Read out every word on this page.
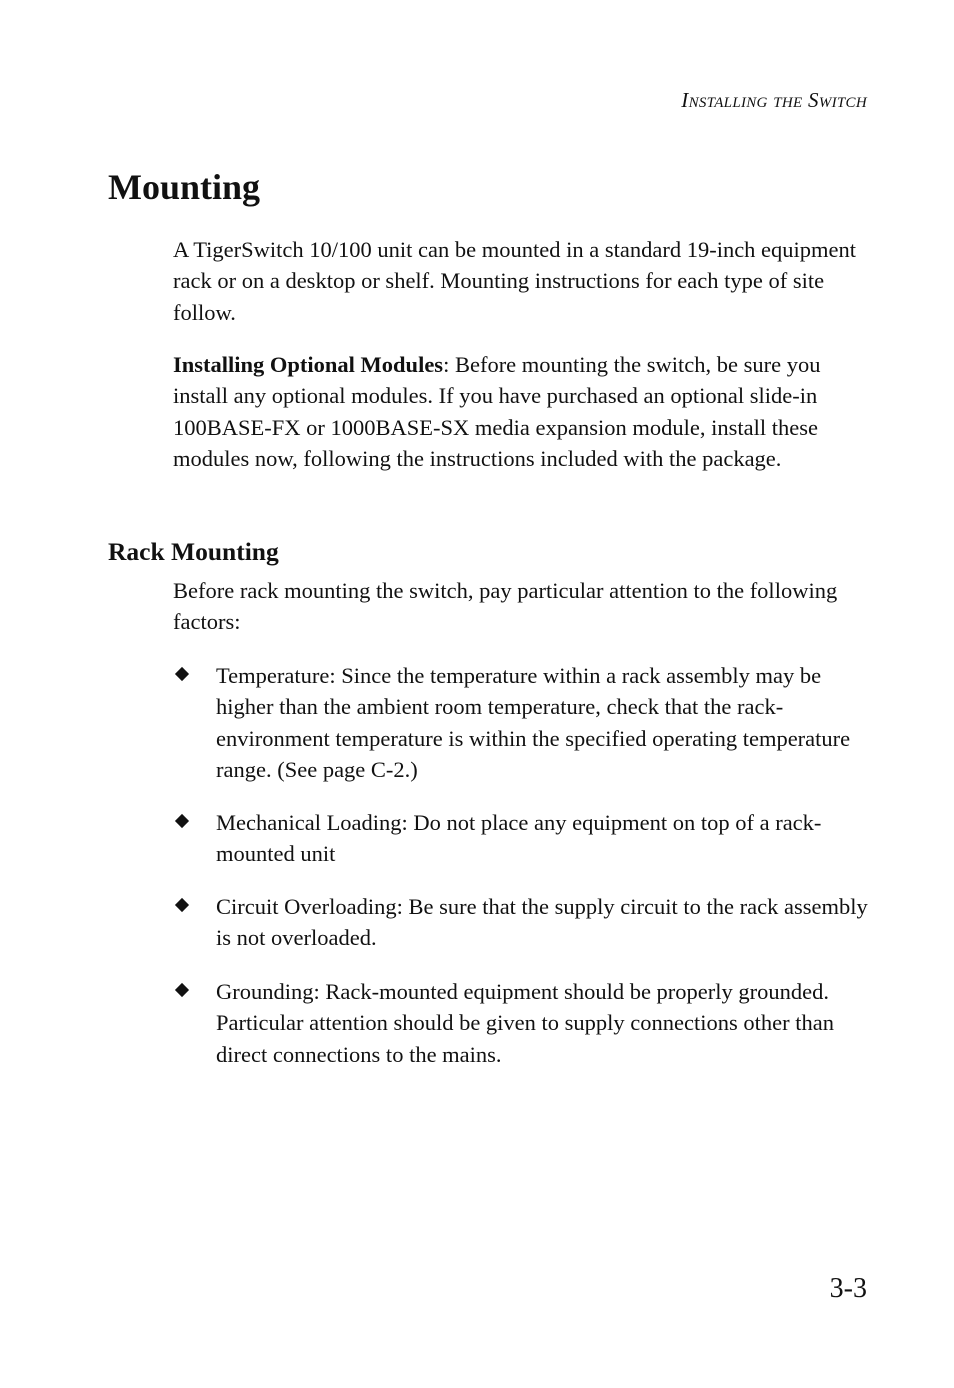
Installing the Switch
Mounting

A TigerSwitch 10/100 unit can be mounted in a standard 19-inch equipment rack or on a desktop or shelf. Mounting instructions for each type of site follow.

Installing Optional Modules: Before mounting the switch, be sure you install any optional modules. If you have purchased an optional slide-in 100BASE-FX or 1000BASE-SX media expansion module, install these modules now, following the instructions included with the package.

Rack Mounting

Before rack mounting the switch, pay particular attention to the following factors:

Temperature: Since the temperature within a rack assembly may be higher than the ambient room temperature, check that the rack-environment temperature is within the specified operating temperature range. (See page C-2.)
Mechanical Loading: Do not place any equipment on top of a rack-mounted unit
Circuit Overloading: Be sure that the supply circuit to the rack assembly is not overloaded.
Grounding: Rack-mounted equipment should be properly grounded. Particular attention should be given to supply connections other than direct connections to the mains.
3-3
